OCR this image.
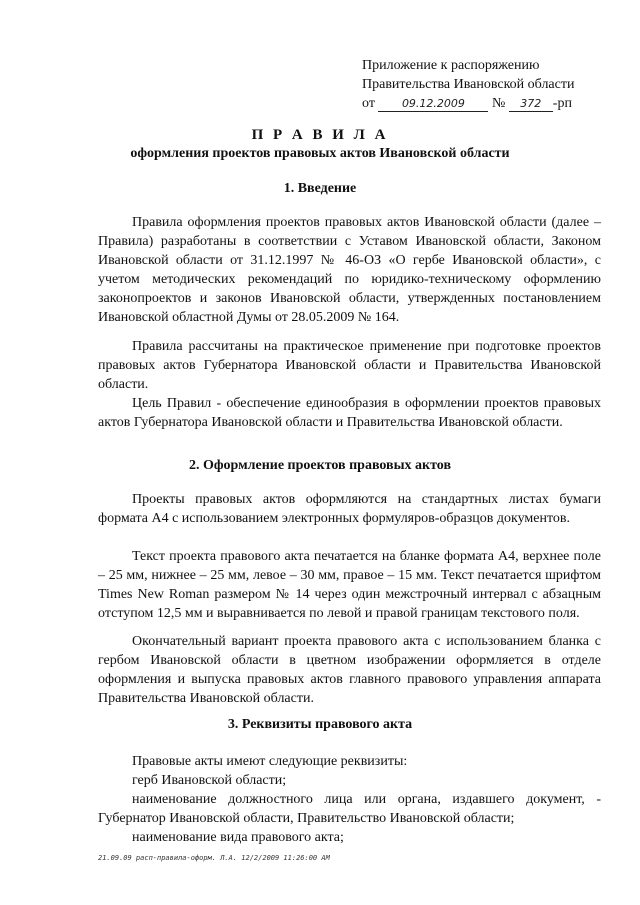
Приложение к распоряжению
Правительства Ивановской области
от 09.12.2009 № 372 -рп
П Р А В И Л А
оформления проектов правовых актов Ивановской области
1. Введение
Правила оформления проектов правовых актов Ивановской области (далее – Правила) разработаны в соответствии с Уставом Ивановской области, Законом Ивановской области от 31.12.1997 № 46-ОЗ «О гербе Ивановской области», с учетом методических рекомендаций по юридико-техническому оформлению законопроектов и законов Ивановской области, утвержденных постановлением Ивановской областной Думы от 28.05.2009 № 164.
Правила рассчитаны на практическое применение при подготовке проектов правовых актов Губернатора Ивановской области и Правительства Ивановской области.
Цель Правил - обеспечение единообразия в оформлении проектов правовых актов Губернатора Ивановской области и Правительства Ивановской области.
2. Оформление проектов правовых актов
Проекты правовых актов оформляются на стандартных листах бумаги формата А4 с использованием электронных формуляров-образцов документов.
Текст проекта правового акта печатается на бланке формата А4, верхнее поле – 25 мм, нижнее – 25 мм, левое – 30 мм, правое – 15 мм. Текст печатается шрифтом Times New Roman размером № 14 через один межстрочный интервал с абзацным отступом 12,5 мм и выравнивается по левой и правой границам текстового поля.
Окончательный вариант проекта правового акта с использованием бланка с гербом Ивановской области в цветном изображении оформляется в отделе оформления и выпуска правовых актов главного правового управления аппарата Правительства Ивановской области.
3. Реквизиты правового акта
Правовые акты имеют следующие реквизиты:
герб Ивановской области;
наименование должностного лица или органа, издавшего документ, - Губернатор Ивановской области, Правительство Ивановской области;
наименование вида правового акта;
21.09.09 расп-правила-оформ. Л.А. 12/2/2009 11:26:00 AM
